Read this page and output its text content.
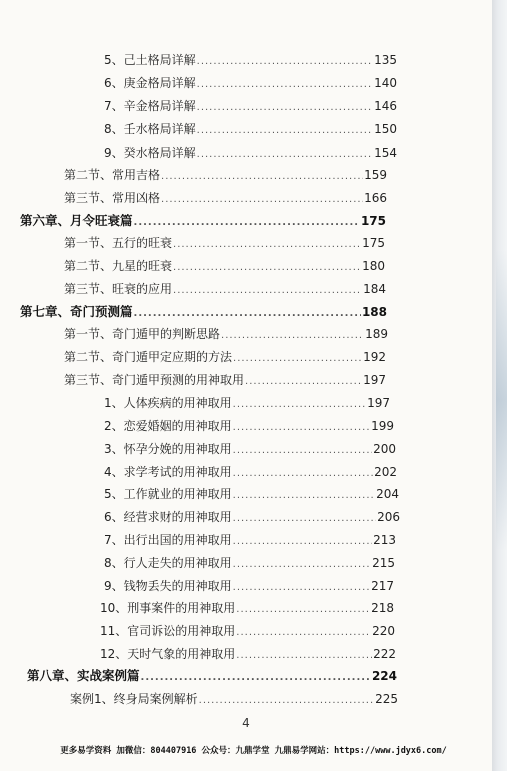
5、己土格局详解 .....	135
6、庚金格局详解 .....	140
7、辛金格局详解 .....	146
8、壬水格局详解 .....	150
9、癸水格局详解 .....	154
第二节、常用吉格 .....	159
第三节、常用凶格 .....	166
第六章、月令旺衰篇 .....	175
第一节、五行的旺衰 .....	175
第二节、九星的旺衰 .....	180
第三节、旺衰的应用 .....	184
第七章、奇门预测篇 .....	188
第一节、奇门遁甲的判断思路 .....	189
第二节、奇门遁甲定应期的方法 .....	192
第三节、奇门遁甲预测的用神取用 .....	197
1、人体疾病的用神取用 .....	197
2、恋爱婚姻的用神取用 .....	199
3、怀孕分娩的用神取用 .....	200
4、求学考试的用神取用 .....	202
5、工作就业的用神取用 .....	204
6、经营求财的用神取用 .....	206
7、出行出国的用神取用 .....	213
8、行人走失的用神取用 .....	215
9、钱物丢失的用神取用 .....	217
10、刑事案件的用神取用 .....	218
11、官司诉讼的用神取用 .....	220
12、天时气象的用神取用 .....	222
第八章、实战案例篇 .....	224
案例1、终身局案例解析 .....	225
4
更多易学资料 加微信：804407916 公众号：九鼎学堂 九鼎易学网站：https://www.jdyx6.com/
